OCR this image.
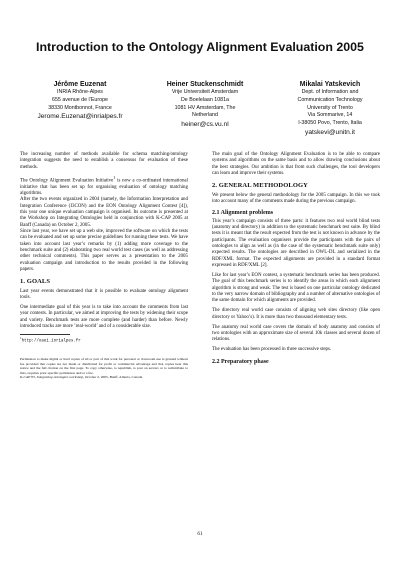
Introduction to the Ontology Alignment Evaluation 2005
Jérôme Euzenat
INRIA Rhône-Alpes
655 avenue de l’Europe
38330 Montbonnot, France
Jerome.Euzenat@inrialpes.fr
Heiner Stuckenschmidt
Vrije Universiteit Amsterdam
De Boelelaan 1081a
1081 HV Amsterdam, The
Netherland
heiner@cs.vu.nl
Mikalai Yatskevich
Dept. of Information and
Communication Technology
University of Trento
Via Sommarive, 14
I-38050 Povo, Trento, Italia
yatskevi@unitn.it

The increasing number of methods available for schema matching/ontology integration suggests the need to establish a consensus for evaluation of these methods.

The Ontology Alignment Evaluation Initiative$^1$ is now a co-ordinated international initiative that has been set up for organising evaluation of ontology matching algorithms.

After the two events organized in 2004 (namely, the Information Interpretation and Integration Conference (I3CON) and the EON Ontology Alignment Contest [4]), this year one unique evaluation campaign is organised. Its outcome is presented at the Workshop on Integrating Ontologies held in conjunction with K-CAP 2005 at Banff (Canada) on October 2, 2005.

Since last year, we have set up a web site, improved the software on which the tests can be evaluated and set up some precise guidelines for running these tests. We have taken into account last year’s remarks by (1) adding more coverage to the benchmark suite and (2) elaborating two real world test cases (as well as addressing other technical comments). This paper serves as a presentation to the 2005 evaluation campaign and introduction to the results provided in the following papers.

1. GOALS

Last year events demonstrated that it is possible to evaluate ontology alignment tools.

One intermediate goal of this year is to take into account the comments from last year contests. In particular, we aimed at improving the tests by widening their scope and variety. Benchmark tests are more complete (and harder) than before. Newly introduced tracks are more ’real-world’ and of a considerable size.

$^1$http://oaei.inrialpes.fr
Permission to make digital or hard copies of all or part of this work for personal or classroom use is granted without fee provided that copies are not made or distributed for profit or commercial advantage and that copies bear this notice and the full citation on the first page. To copy otherwise, to republish, to post on servers or to redistribute to lists, requires prior specific permission and/or a fee.
K-CAP’05, Integrating ontologies workshop, October 2, 2005, Banff, Alberta, Canada.

The main goal of the Ontology Alignment Evaluation is to be able to compare systems and algorithms on the same basis and to allow drawing conclusions about the best strategies. Our ambition is that from such challenges, the tool developers can learn and improve their systems.

2. GENERAL METHODOLOGY

We present below the general methodology for the 2005 campaign. In this we took into account many of the comments made during the previous campaign.

2.1 Alignment problems

This year’s campaign consists of three parts: it features two real world blind tests (anatomy and directory) in addition to the systematic benchmark test suite. By blind tests it is meant that the result expected from the test is not known in advance by the participants. The evaluation organisers provide the participants with the pairs of ontologies to align as well as (in the case of the systematic benchmark suite only) expected results. The ontologies are described in OWL-DL and serialized in the RDF/XML format. The expected alignments are provided in a standard format expressed in RDF/XML [2].

Like for last year’s EON contest, a systematic benchmark series has been produced. The goal of this benchmark series is to identify the areas in which each alignment algorithm is strong and weak. The test is based on one particular ontology dedicated to the very narrow domain of bibliography and a number of alternative ontologies of the same domain for which alignments are provided.

The directory real world case consists of aligning web sites directory (like open directory or Yahoo’s). It is more than two thousand elementary tests.

The anatomy real world case covers the domain of body anatomy and consists of two ontologies with an approximate size of several 10k classes and several dozen of relations.

The evaluation has been processed in three successive steps.

2.2 Preparatory phase
61
